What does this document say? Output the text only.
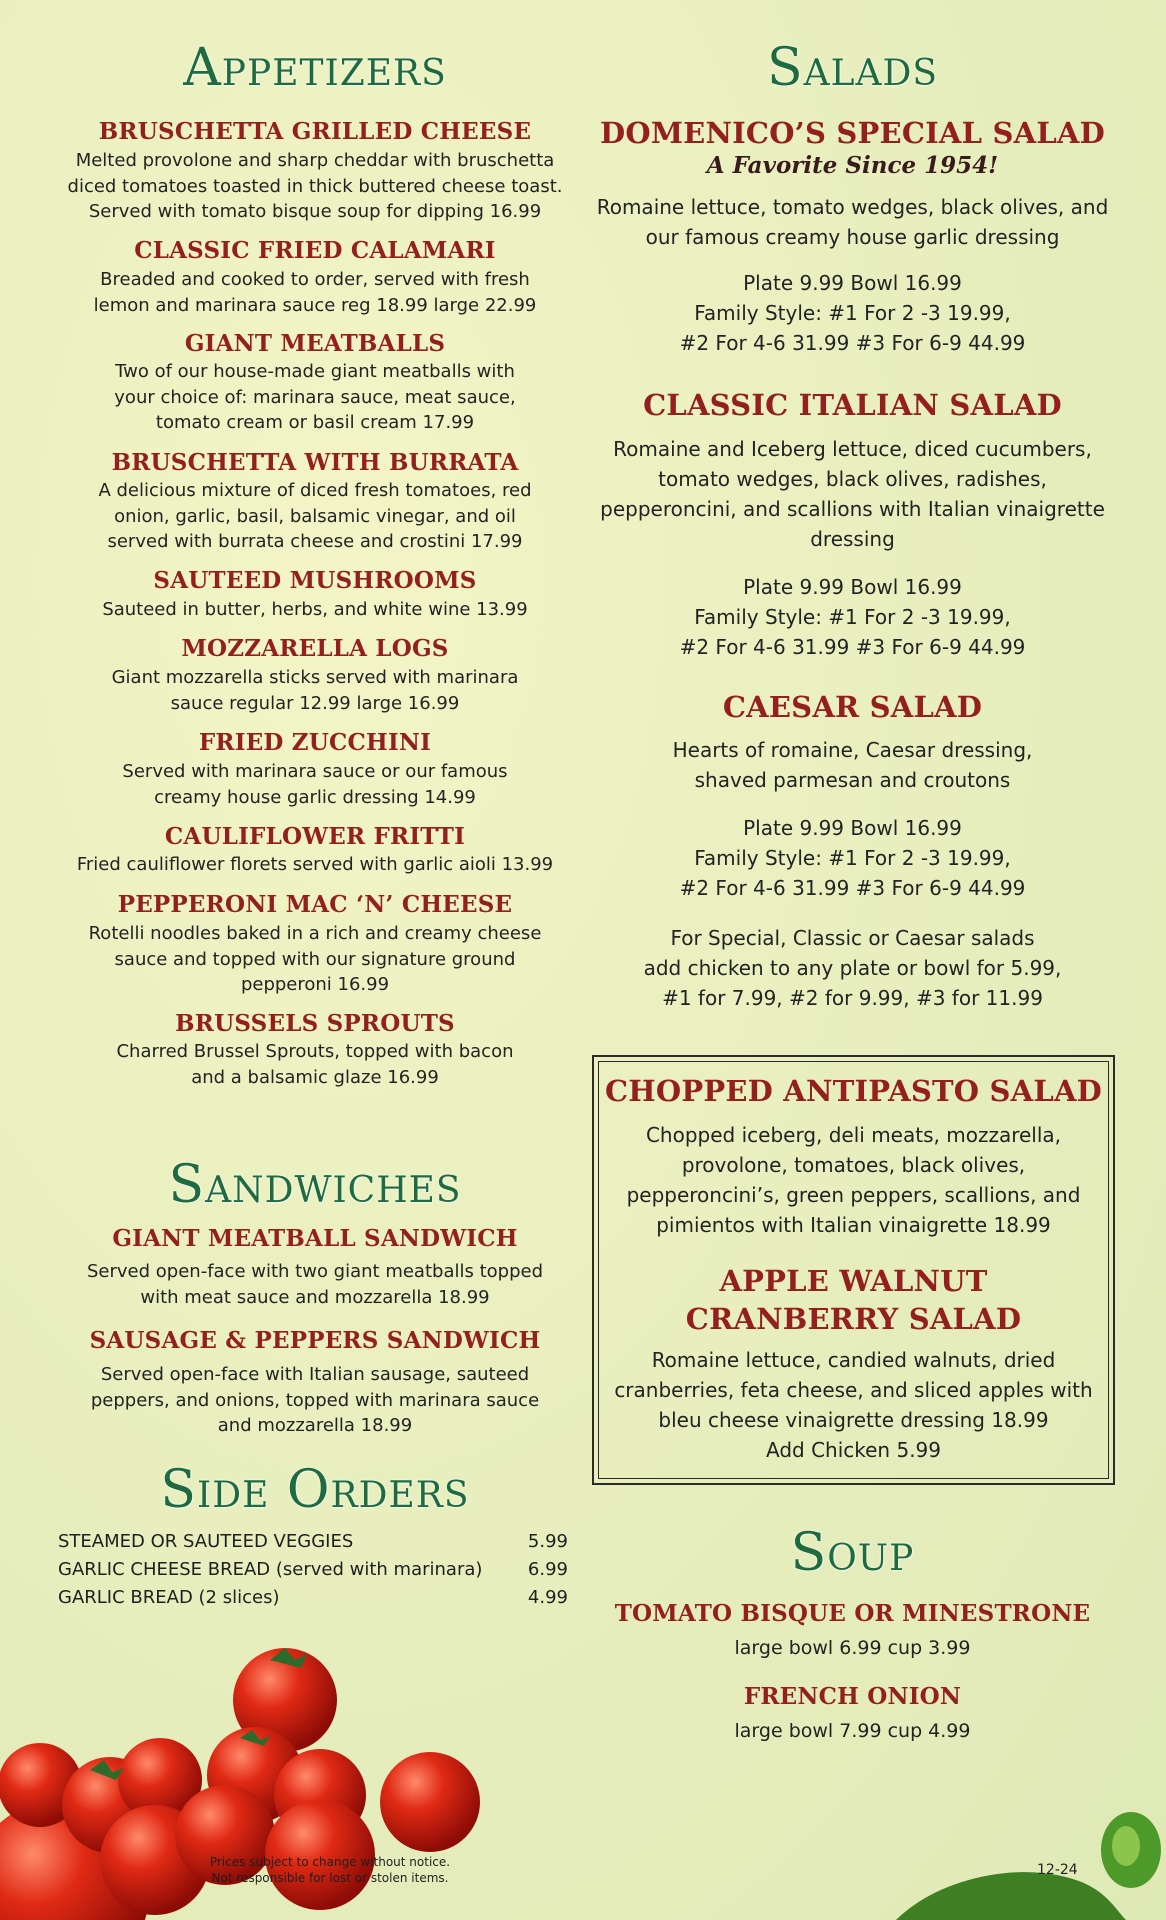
Appetizers
BRUSCHETTA GRILLED CHEESE

Melted provolone and sharp cheddar with bruschetta
diced tomatoes toasted in thick buttered cheese toast.
Served with tomato bisque soup for dipping 16.99

CLASSIC FRIED CALAMARI

Breaded and cooked to order, served with fresh
lemon and marinara sauce reg 18.99 large 22.99

GIANT MEATBALLS

Two of our house-made giant meatballs with
your choice of: marinara sauce, meat sauce,
tomato cream or basil cream 17.99

BRUSCHETTA WITH BURRATA

A delicious mixture of diced fresh tomatoes, red
onion, garlic, basil, balsamic vinegar, and oil
served with burrata cheese and crostini 17.99

SAUTEED MUSHROOMS

Sauteed in butter, herbs, and white wine 13.99

MOZZARELLA LOGS

Giant mozzarella sticks served with marinara
sauce regular 12.99 large 16.99

FRIED ZUCCHINI

Served with marinara sauce or our famous
creamy house garlic dressing 14.99

CAULIFLOWER FRITTI

Fried cauliflower florets served with garlic aioli 13.99

PEPPERONI MAC ‘N’ CHEESE

Rotelli noodles baked in a rich and creamy cheese
sauce and topped with our signature ground
pepperoni 16.99

BRUSSELS SPROUTS

Charred Brussel Sprouts, topped with bacon
and a balsamic glaze 16.99

Sandwiches
GIANT MEATBALL SANDWICH

Served open-face with two giant meatballs topped
with meat sauce and mozzarella 18.99

SAUSAGE & PEPPERS SANDWICH

Served open-face with Italian sausage, sauteed
peppers, and onions, topped with marinara sauce
and mozzarella 18.99

Side Orders
STEAMED OR SAUTEED VEGGIES	5.99
GARLIC CHEESE BREAD (served with marinara)	6.99
GARLIC BREAD (2 slices)	4.99
Salads
DOMENICO’S SPECIAL SALAD

A Favorite Since 1954!

Romaine lettuce, tomato wedges, black olives, and
our famous creamy house garlic dressing

Plate 9.99 Bowl 16.99
Family Style: #1 For 2 -3 19.99,
#2 For 4-6 31.99 #3 For 6-9 44.99

CLASSIC ITALIAN SALAD

Romaine and Iceberg lettuce, diced cucumbers,
tomato wedges, black olives, radishes,
pepperoncini, and scallions with Italian vinaigrette
dressing

Plate 9.99 Bowl 16.99
Family Style: #1 For 2 -3 19.99,
#2 For 4-6 31.99 #3 For 6-9 44.99

CAESAR SALAD

Hearts of romaine, Caesar dressing,
shaved parmesan and croutons

Plate 9.99 Bowl 16.99
Family Style: #1 For 2 -3 19.99,
#2 For 4-6 31.99 #3 For 6-9 44.99

For Special, Classic or Caesar salads
add chicken to any plate or bowl for 5.99,
#1 for 7.99, #2 for 9.99, #3 for 11.99

CHOPPED ANTIPASTO SALAD

Chopped iceberg, deli meats, mozzarella,
provolone, tomatoes, black olives,
pepperoncini’s, green peppers, scallions, and
pimientos with Italian vinaigrette 18.99

APPLE WALNUT
CRANBERRY SALAD

Romaine lettuce, candied walnuts, dried
cranberries, feta cheese, and sliced apples with
bleu cheese vinaigrette dressing 18.99
Add Chicken 5.99

Soup
TOMATO BISQUE OR MINESTRONE

large bowl 6.99 cup 3.99

FRENCH ONION

large bowl 7.99 cup 4.99

Prices subject to change without notice.
Not responsible for lost or stolen items.	12-24
